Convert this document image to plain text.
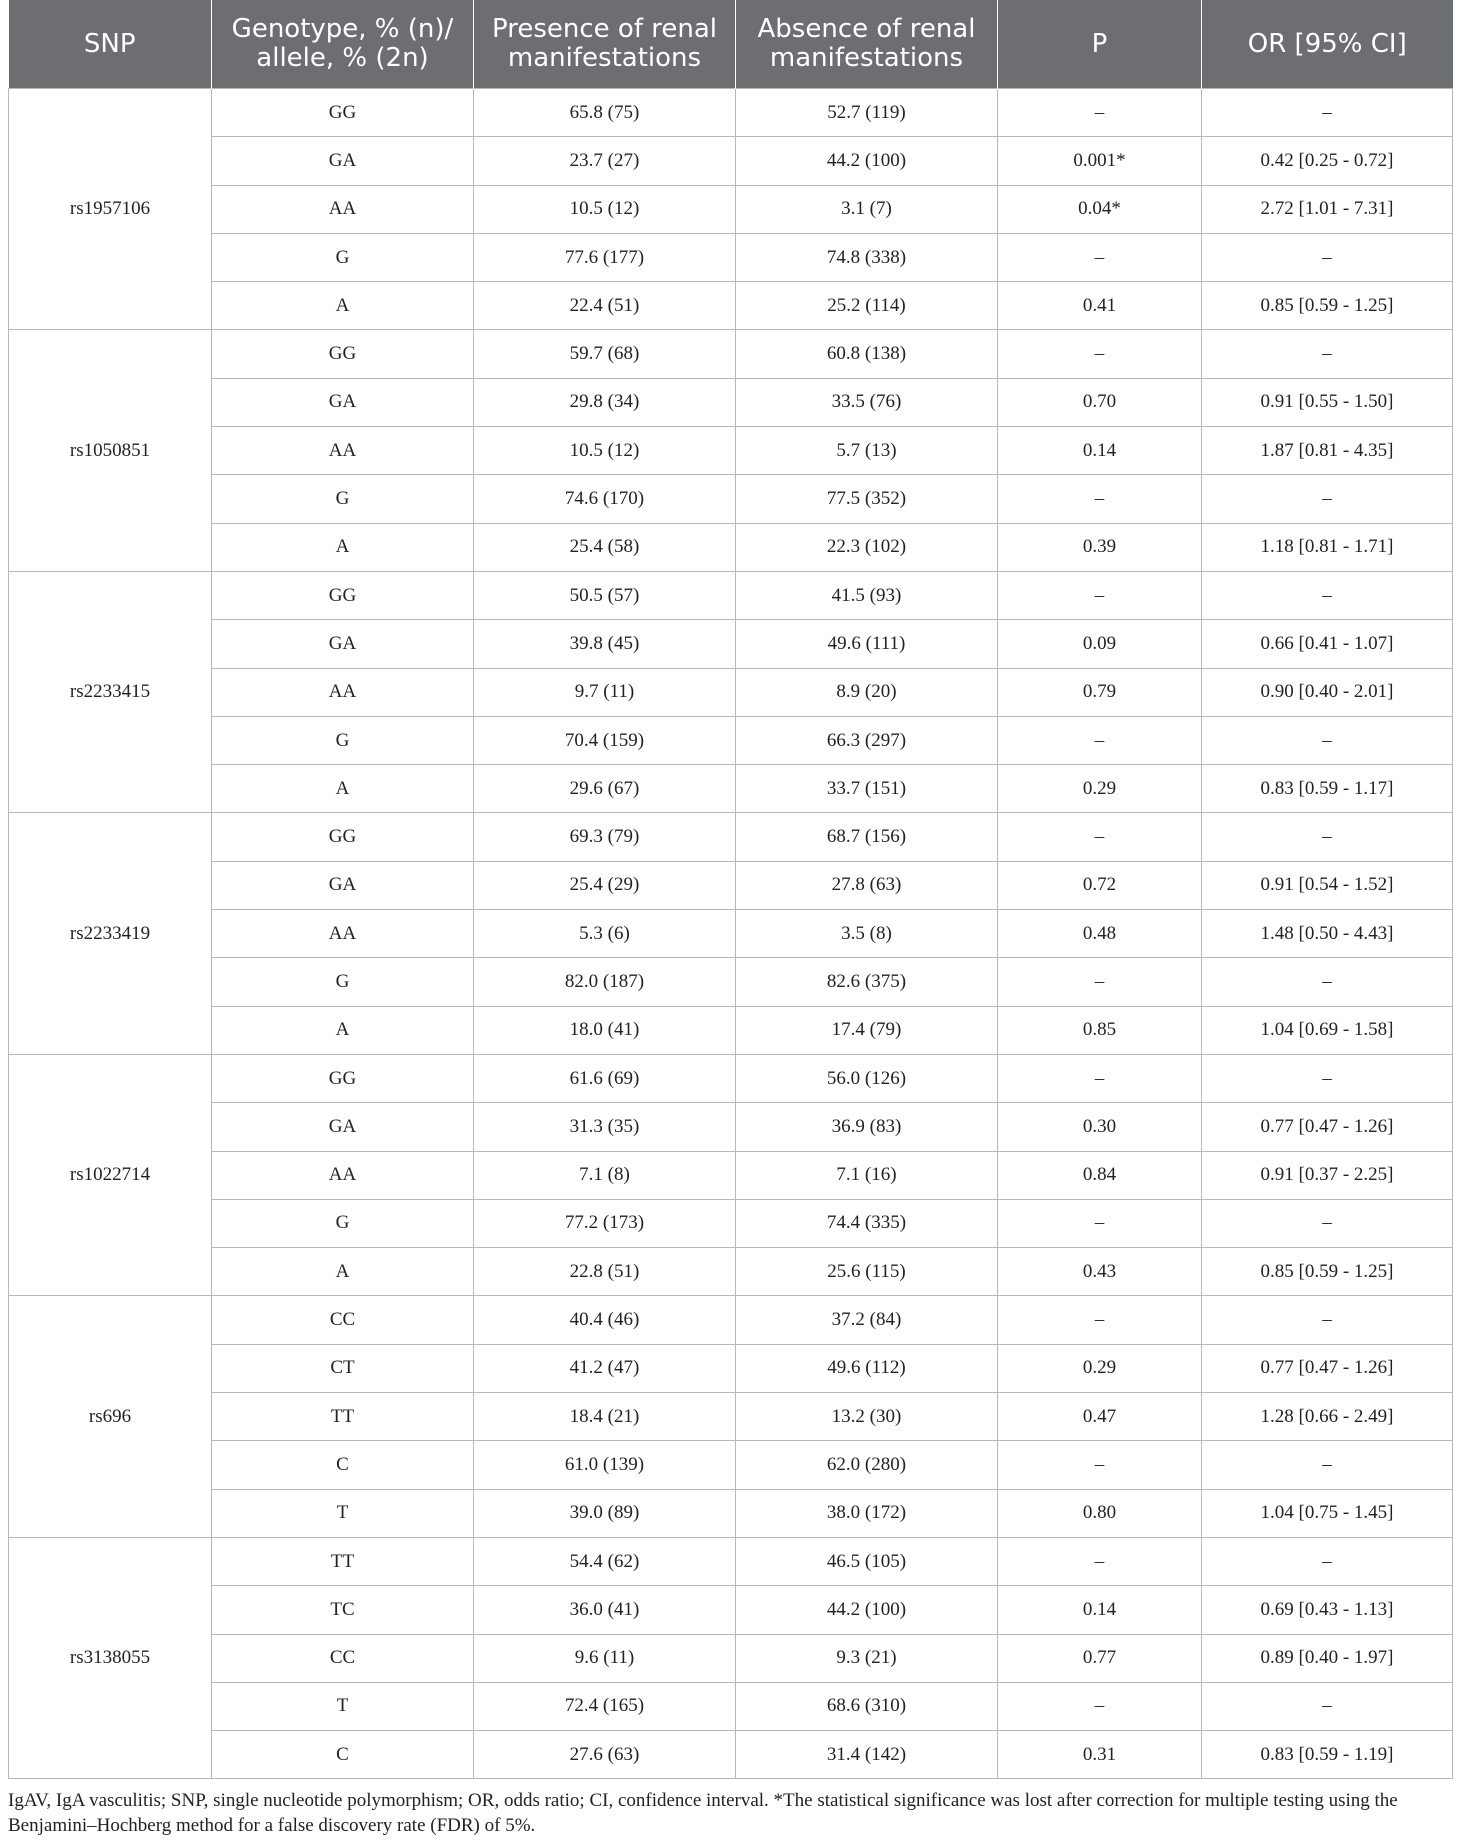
SNP	Genotype, % (n)/ allele, % (2n)	Presence of renal manifestations	Absence of renal manifestations	P	OR [95% CI]
rs1957106	GG	65.8 (75)	52.7 (119)	–	–
	GA	23.7 (27)	44.2 (100)	0.001*	0.42 [0.25 - 0.72]
	AA	10.5 (12)	3.1 (7)	0.04*	2.72 [1.01 - 7.31]
	G	77.6 (177)	74.8 (338)	–	–
	A	22.4 (51)	25.2 (114)	0.41	0.85 [0.59 - 1.25]
rs1050851	GG	59.7 (68)	60.8 (138)	–	–
	GA	29.8 (34)	33.5 (76)	0.70	0.91 [0.55 - 1.50]
	AA	10.5 (12)	5.7 (13)	0.14	1.87 [0.81 - 4.35]
	G	74.6 (170)	77.5 (352)	–	–
	A	25.4 (58)	22.3 (102)	0.39	1.18 [0.81 - 1.71]
rs2233415	GG	50.5 (57)	41.5 (93)	–	–
	GA	39.8 (45)	49.6 (111)	0.09	0.66 [0.41 - 1.07]
	AA	9.7 (11)	8.9 (20)	0.79	0.90 [0.40 - 2.01]
	G	70.4 (159)	66.3 (297)	–	–
	A	29.6 (67)	33.7 (151)	0.29	0.83 [0.59 - 1.17]
rs2233419	GG	69.3 (79)	68.7 (156)	–	–
	GA	25.4 (29)	27.8 (63)	0.72	0.91 [0.54 - 1.52]
	AA	5.3 (6)	3.5 (8)	0.48	1.48 [0.50 - 4.43]
	G	82.0 (187)	82.6 (375)	–	–
	A	18.0 (41)	17.4 (79)	0.85	1.04 [0.69 - 1.58]
rs1022714	GG	61.6 (69)	56.0 (126)	–	–
	GA	31.3 (35)	36.9 (83)	0.30	0.77 [0.47 - 1.26]
	AA	7.1 (8)	7.1 (16)	0.84	0.91 [0.37 - 2.25]
	G	77.2 (173)	74.4 (335)	–	–
	A	22.8 (51)	25.6 (115)	0.43	0.85 [0.59 - 1.25]
rs696	CC	40.4 (46)	37.2 (84)	–	–
	CT	41.2 (47)	49.6 (112)	0.29	0.77 [0.47 - 1.26]
	TT	18.4 (21)	13.2 (30)	0.47	1.28 [0.66 - 2.49]
	C	61.0 (139)	62.0 (280)	–	–
	T	39.0 (89)	38.0 (172)	0.80	1.04 [0.75 - 1.45]
rs3138055	TT	54.4 (62)	46.5 (105)	–	–
	TC	36.0 (41)	44.2 (100)	0.14	0.69 [0.43 - 1.13]
	CC	9.6 (11)	9.3 (21)	0.77	0.89 [0.40 - 1.97]
	T	72.4 (165)	68.6 (310)	–	–
	C	27.6 (63)	31.4 (142)	0.31	0.83 [0.59 - 1.19]
IgAV, IgA vasculitis; SNP, single nucleotide polymorphism; OR, odds ratio; CI, confidence interval. *The statistical significance was lost after correction for multiple testing using the Benjamini–Hochberg method for a false discovery rate (FDR) of 5%.
